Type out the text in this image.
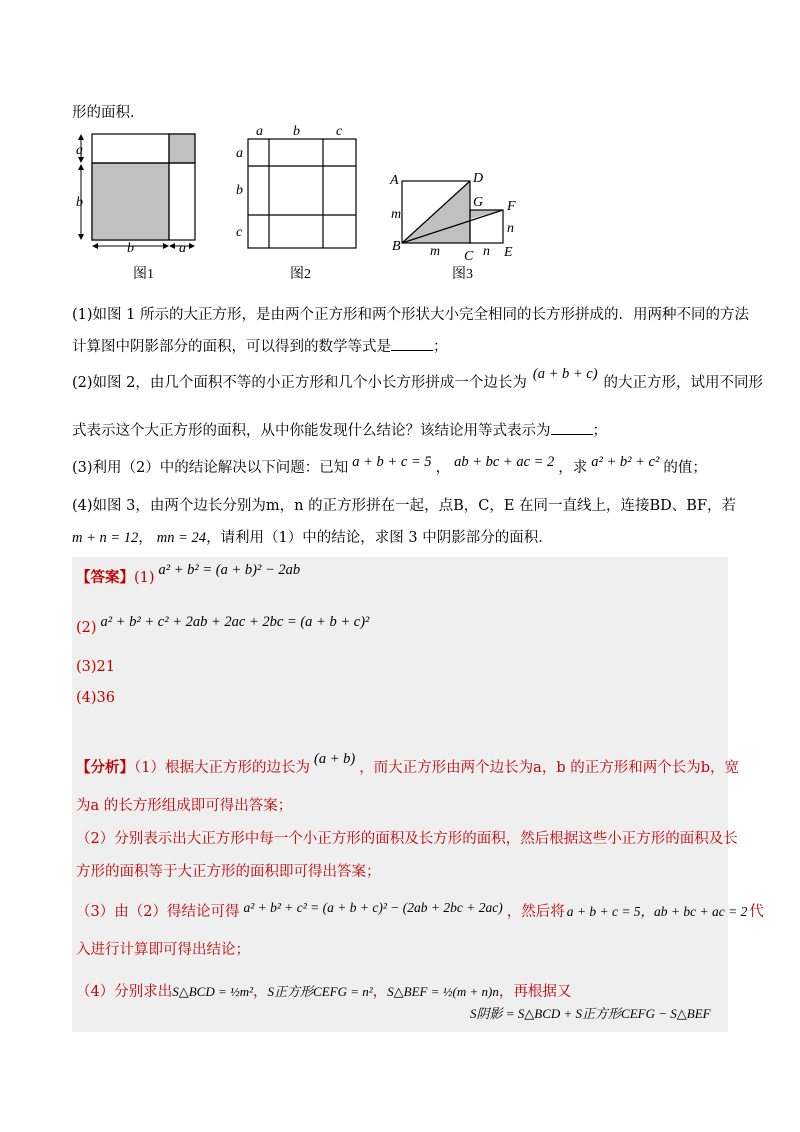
形的面积．
a
b
b	a
图1
a b	c
a
b
c
图2
A
B
C
D
E
F
G
m
m
n
n
图3
(1)如图 1 所示的大正方形，是由两个正方形和两个形状大小完全相同的长方形拼成的．用两种不同的方法
计算图中阴影部分的面积，可以得到的数学等式是	；
(2)如图 2，由几个面积不等的小正方形和几个小长方形拼成一个边长为(a + b + c)的大正方形，试用不同形
式表示这个大正方形的面积，从中你能发现什么结论？该结论用等式表示为	；
(3)利用（2）中的结论解决以下问题：已知 a + b + c = 5 ， ab + bc + ac = 2 ，求 a² + b² + c² 的值；
(4)如图 3，由两个边长分别为m，n 的正方形拼在一起，点B，C，E 在同一直线上，连接BD、BF，若
m + n = 12， mn = 24，请利用（1）中的结论，求图 3 中阴影部分的面积．
【答案】(1) a² + b² = (a + b)² − 2ab
(2) a² + b² + c² + 2ab + 2ac + 2bc = (a + b + c)²
(3)21
(4)36
【分析】（1）根据大正方形的边长为(a + b)，而大正方形由两个边长为a，b 的正方形和两个长为b，宽
为a 的长方形组成即可得出答案；
（2）分别表示出大正方形中每一个小正方形的面积及长方形的面积，然后根据这些小正方形的面积及长
方形的面积等于大正方形的面积即可得出答案；
（3）由（2）得结论可得 a² + b² + c² = (a + b + c)² − (2ab + 2bc + 2ac) ，然后将 a + b + c = 5，ab + bc + ac = 2 代
入进行计算即可得出结论；
（4）分别求出S△BCD = ½m²，S正方形CEFG = n²，S△BEF = ½(m + n)n，再根据又
S阴影 = S△BCD + S正方形CEFG − S△BEF
